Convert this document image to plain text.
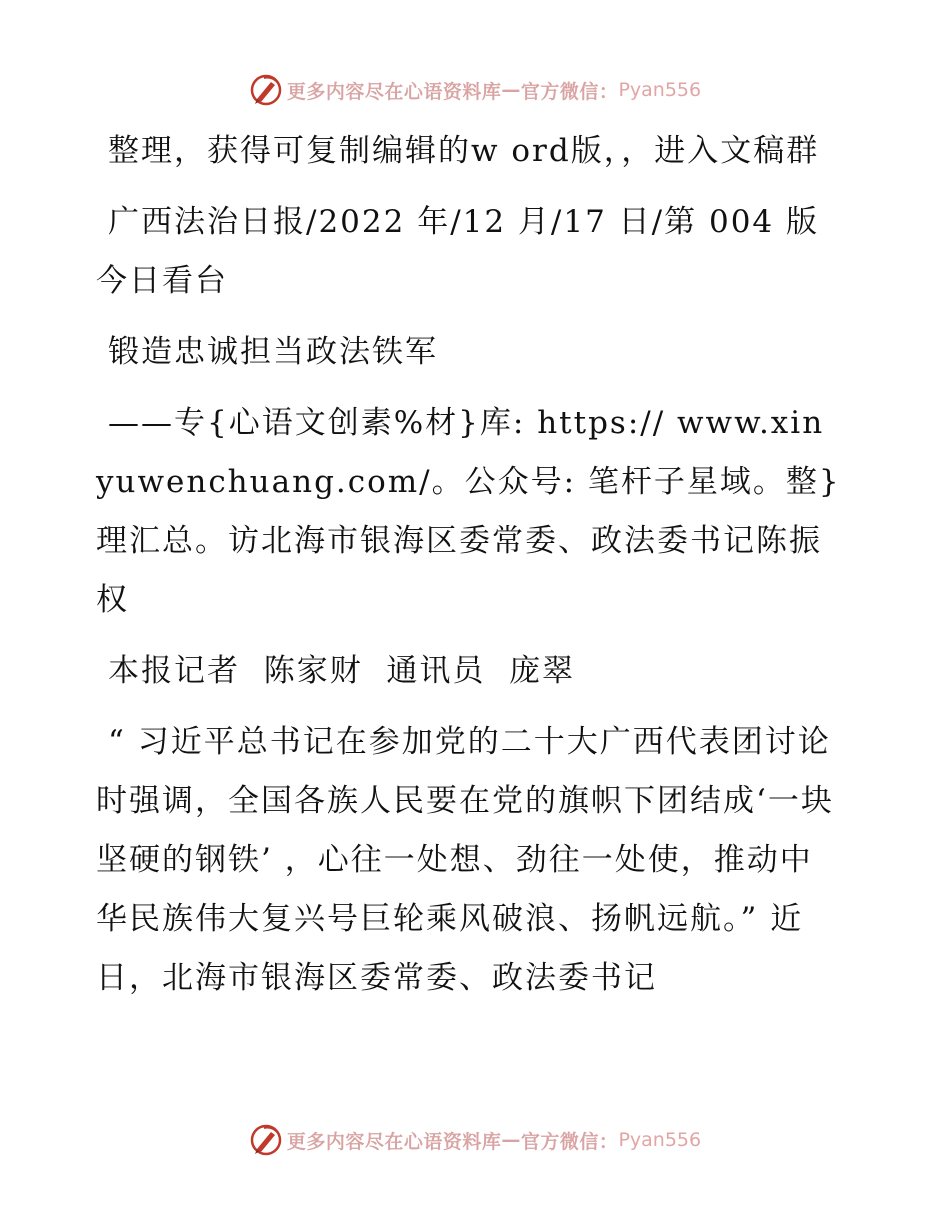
更多内容尽在心语资料库 — 官方微信： Pyan556

整理，获得可复制编辑的w ord版，，进入文稿群

广西法治日报/2022 年/12 月/17 日/第 004 版今日看台

锻造忠诚担当政法铁军

——专{心语文创素%材}库: https:// www.xinyuwenchuang.com/。公众号: 笔杆子星域。整}理汇总。访北海市银海区委常委、政法委书记陈振权

本报记者  陈家财  通讯员  庞翠

“ 习近平总书记在参加党的二十大广西代表团讨论时强调，全国各族人民要在党的旗帜下团结成‘一块坚硬的钢铁’ ，心往一处想、劲往一处使，推动中华民族伟大复兴号巨轮乘风破浪、扬帆远航。” 近日，北海市银海区委常委、政法委书记

更多内容尽在心语资料库 — 官方微信： Pyan556
